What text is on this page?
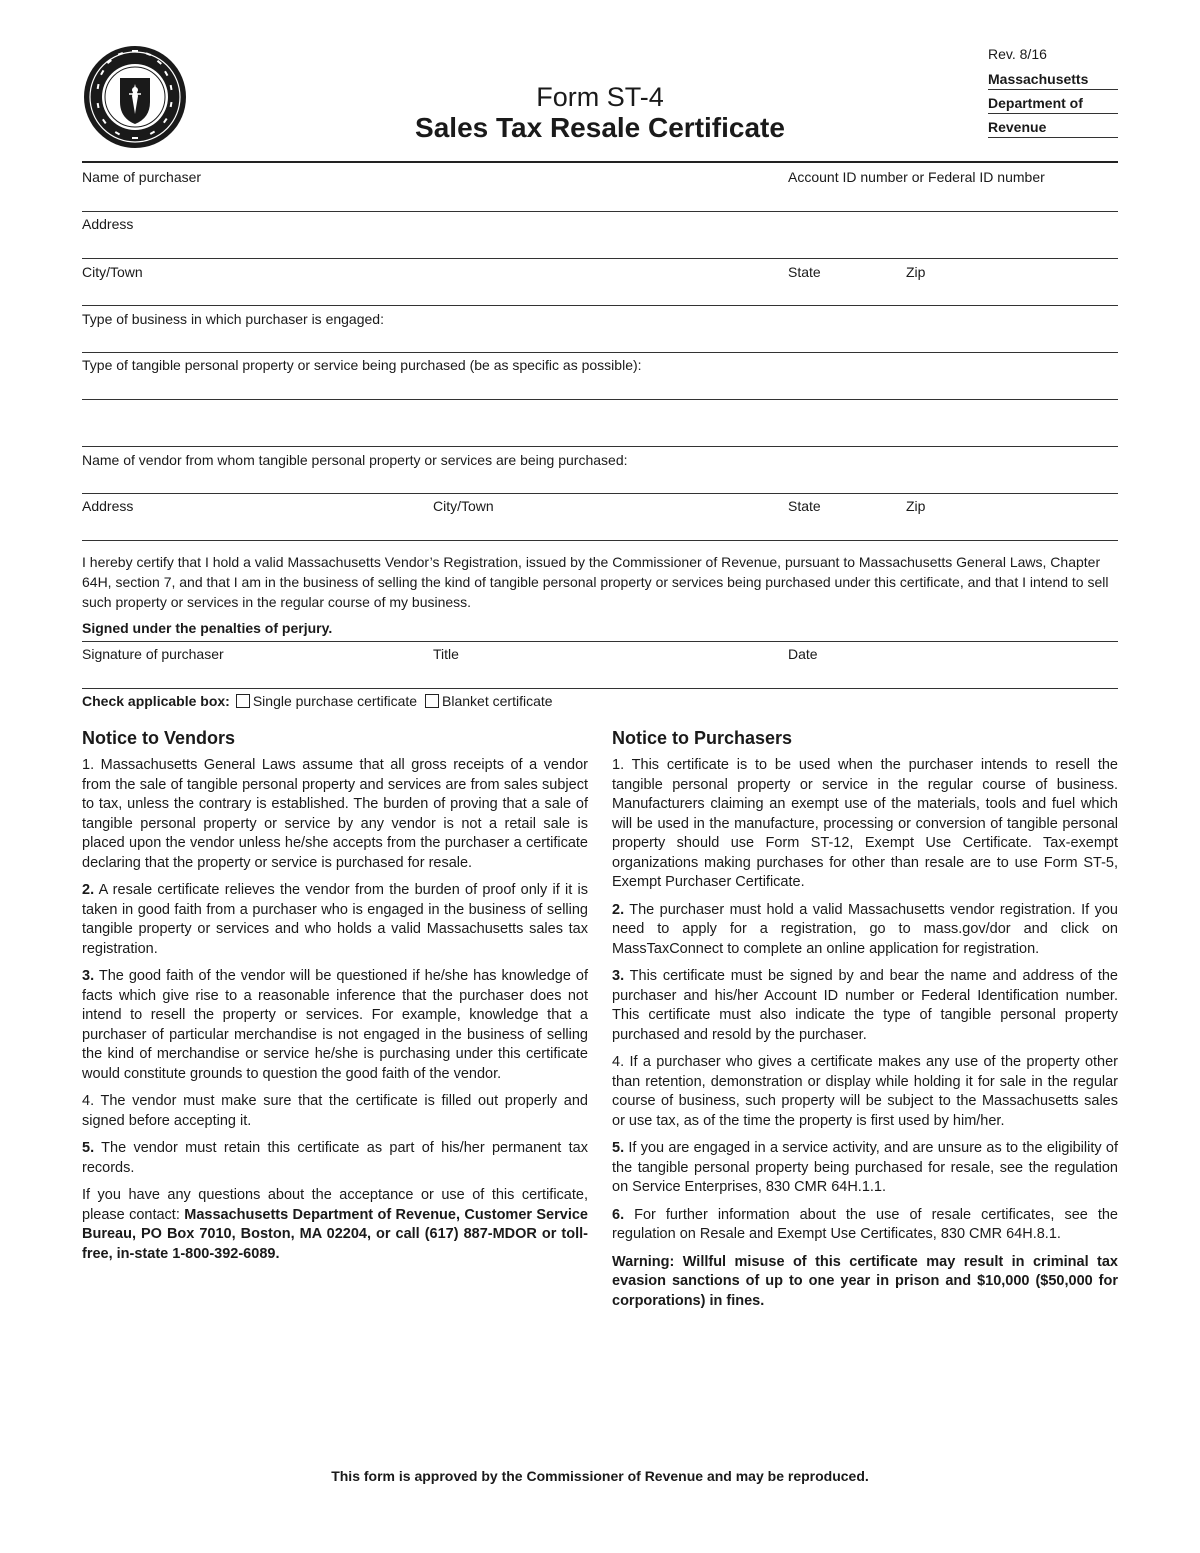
Form ST-4
Sales Tax Resale Certificate
Rev. 8/16
Massachusetts
Department of
Revenue
Name of purchaser	Account ID number or Federal ID number
Address
City/Town	State	Zip
Type of business in which purchaser is engaged:
Type of tangible personal property or service being purchased (be as specific as possible):
Name of vendor from whom tangible personal property or services are being purchased:
Address	City/Town	State	Zip
I hereby certify that I hold a valid Massachusetts Vendor’s Registration, issued by the Commissioner of Revenue, pursuant to Massachusetts General Laws, Chapter 64H, section 7, and that I am in the business of selling the kind of tangible personal property or services being purchased under this certificate, and that I intend to sell such property or services in the regular course of my business.
Signed under the penalties of perjury.
Signature of purchaser	Title	Date
Check applicable box: Single purchase certificate Blanket certificate
Notice to Vendors

1. Massachusetts General Laws assume that all gross receipts of a vendor from the sale of tangible personal property and services are from sales subject to tax, unless the contrary is established. The burden of proving that a sale of tangible personal property or service by any vendor is not a retail sale is placed upon the vendor unless he/she accepts from the purchaser a certificate declaring that the property or service is purchased for resale.

2. A resale certificate relieves the vendor from the burden of proof only if it is taken in good faith from a purchaser who is engaged in the business of selling tangible property or services and who holds a valid Massachusetts sales tax registration.

3. The good faith of the vendor will be questioned if he/she has knowledge of facts which give rise to a reasonable inference that the purchaser does not intend to resell the property or services. For example, knowledge that a purchaser of particular merchandise is not engaged in the business of selling the kind of merchandise or service he/she is purchasing under this certificate would constitute grounds to question the good faith of the vendor.

4. The vendor must make sure that the certificate is filled out properly and signed before accepting it.

5. The vendor must retain this certificate as part of his/her permanent tax records.

If you have any questions about the acceptance or use of this certificate, please contact: Massachusetts Department of Revenue, Customer Service Bureau, PO Box 7010, Boston, MA 02204, or call (617) 887-MDOR or toll-free, in-state 1-800-392-6089.

Notice to Purchasers

1. This certificate is to be used when the purchaser intends to resell the tangible personal property or service in the regular course of business. Manufacturers claiming an exempt use of the materials, tools and fuel which will be used in the manufacture, processing or conversion of tangible personal property should use Form ST-12, Exempt Use Certificate. Tax-exempt organizations making purchases for other than resale are to use Form ST-5, Exempt Purchaser Certificate.

2. The purchaser must hold a valid Massachusetts vendor registration. If you need to apply for a registration, go to mass.gov/dor and click on MassTaxConnect to complete an online application for registration.

3. This certificate must be signed by and bear the name and address of the purchaser and his/her Account ID number or Federal Identification number. This certificate must also indicate the type of tangible personal property purchased and resold by the purchaser.

4. If a purchaser who gives a certificate makes any use of the property other than retention, demonstration or display while holding it for sale in the regular course of business, such property will be subject to the Massachusetts sales or use tax, as of the time the property is first used by him/her.

5. If you are engaged in a service activity, and are unsure as to the eligibility of the tangible personal property being purchased for resale, see the regulation on Service Enterprises, 830 CMR 64H.1.1.

6. For further information about the use of resale certificates, see the regulation on Resale and Exempt Use Certificates, 830 CMR 64H.8.1.

Warning: Willful misuse of this certificate may result in criminal tax evasion sanctions of up to one year in prison and $10,000 ($50,000 for corporations) in fines.

This form is approved by the Commissioner of Revenue and may be reproduced.
